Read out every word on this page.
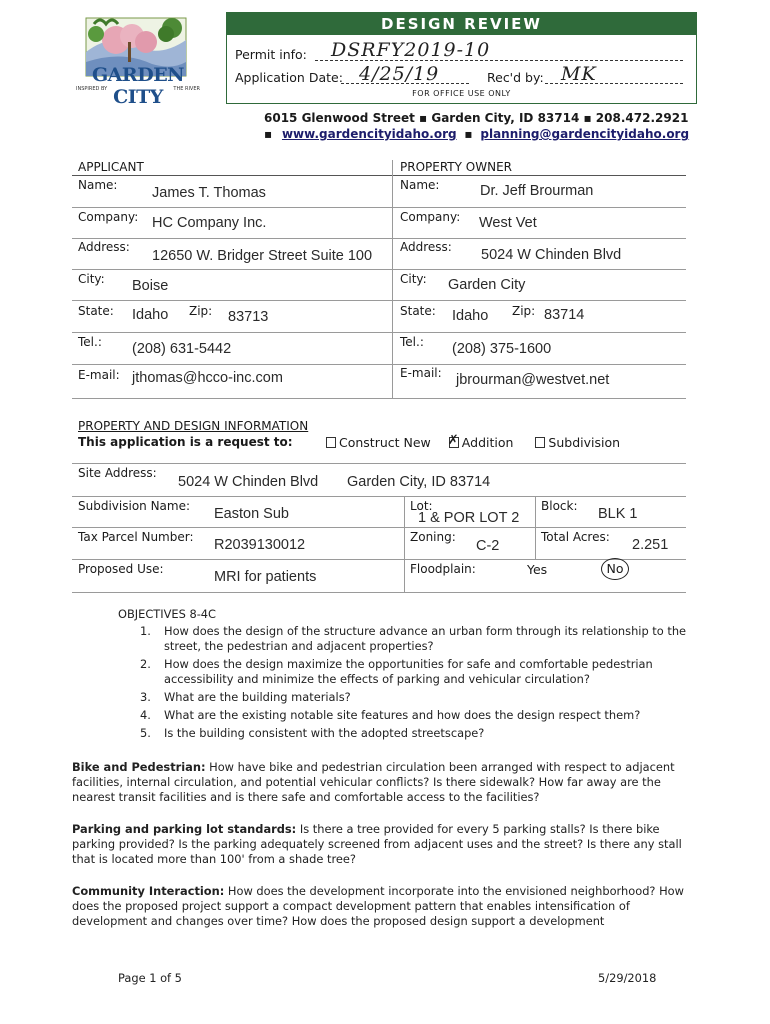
GARDEN CITY
INSPIRED BY	THE RIVER
DESIGN REVIEW
Permit info: DSRFY2019-10
Application Date: 4/25/19	Rec'd by: MK
FOR OFFICE USE ONLY
6015 Glenwood Street ▪ Garden City, ID 83714 ▪ 208.472.2921
▪ www.gardencityidaho.org ▪ planning@gardencityidaho.org
APPLICANT	PROPERTY OWNER
Name: James T. Thomas
Company: HC Company Inc.
Address:
12650 W. Bridger Street Suite 100
City: Boise
State: Idaho Zip: 83713
Tel.: (208) 631-5442
E-mail: jthomas@hcco-inc.com
Name:	Dr. Jeff Brourman
Company: West Vet
Address: 5024 W Chinden Blvd
City: Garden City
State: Idaho Zip: 83714
Tel.: (208) 375-1600
E-mail: jbrourman@westvet.net
PROPERTY AND DESIGN INFORMATION
This application is a request to:	Construct New ✗ Addition	Subdivision
Site Address:
5024 W Chinden Blvd Garden City, ID 83714
Subdivision Name: Easton Sub	Lot:
1 & POR LOT 2
Block: BLK 1
Tax Parcel Number: R2039130012	Zoning:
C-2
Total Acres: 2.251
Proposed Use:	MRI for patients	Floodplain:	Yes	No
OBJECTIVES 8-4C
1. How does the design of the structure advance an urban form through its relationship to the street, the pedestrian and adjacent properties?
2. How does the design maximize the opportunities for safe and comfortable pedestrian accessibility and minimize the effects of parking and vehicular circulation?
3. What are the building materials?
4. What are the existing notable site features and how does the design respect them?
5. Is the building consistent with the adopted streetscape?
Bike and Pedestrian: How have bike and pedestrian circulation been arranged with respect to adjacent facilities, internal circulation, and potential vehicular conflicts? Is there sidewalk? How far away are the nearest transit facilities and is there safe and comfortable access to the facilities?
Parking and parking lot standards: Is there a tree provided for every 5 parking stalls? Is there bike parking provided? Is the parking adequately screened from adjacent uses and the street? Is there any stall that is located more than 100' from a shade tree?
Community Interaction: How does the development incorporate into the envisioned neighborhood? How does the proposed project support a compact development pattern that enables intensification of development and changes over time? How does the proposed design support a development
Page 1 of 5	5/29/2018
